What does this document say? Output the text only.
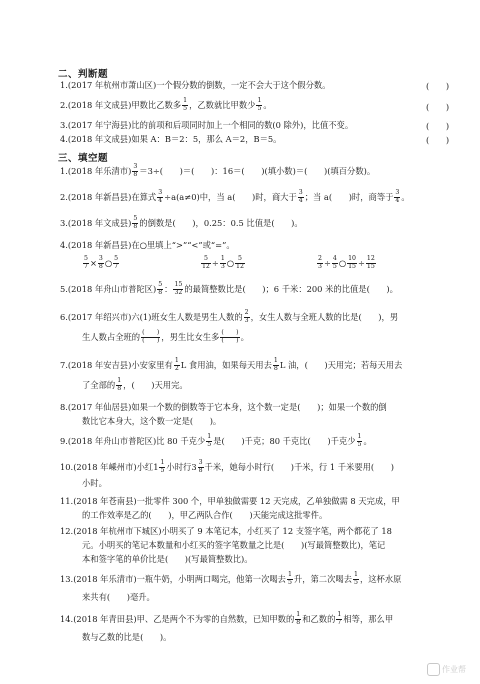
二、判断题
1.(2017 年杭州市萧山区)一个假分数的倒数，一定不会大于这个假分数。	(　　)
2.(2018 年文成县)甲数比乙数多 $\frac{1}{5}$ ，乙数就比甲数少 $\frac{1}{5}$ 。	(　　)
3.(2017 年宁海县)比的前项和后项同时加上一个相同的数(0 除外)，比值不变。	(　　)
4.(2018 年文成县)如果 A：B＝2：5，那么 A＝2，B＝5。	(　　)
三、填空题
1.(2018 年乐清市) $\frac{3}{8} =3\div$(　　)＝(　　)：16＝(　　)(填小数)＝(　　)(填百分数)。
2.(2018 年新昌县)在算式 $\frac{3}{4} \div a(a\ne 0)$中，当 a(　　)时，商大于 $\frac{3}{4}$ ；当 a(　　)时，商等于 $\frac{3}{4}$ 。
3.(2018 年文成县) $\frac{5}{8}$ 的倒数是(　　)，0.25：0.5 比值是(　　)。
4.(2018 年新昌县)在○里填上“>”“<”或“=”。
$\frac{5}{7} \times \frac{3}{8}$ ○ $\frac{5}{7}$	$\frac{5}{12} \div \frac{1}{3}$ ○ $\frac{5}{12}$	$\frac{2}{3} \div \frac{4}{5}$ ○ $\frac{10}{15} \div \frac{12}{15}$
5.(2018 年舟山市普陀区) $\frac{5}{8}$ ： $\frac{15}{32}$ 的最简整数比是(　　)；6 千米：200 米的比值是(　　)。
6.(2017 年绍兴市)六(1)班女生人数是男生人数的 $\frac{2}{3}$ ，女生人数与全班人数的比是(　　)，男
生人数占全班的 $\frac{( )}{( )}$ ，男生比女生多 $\frac{( )}{( )}$ 。
7.(2018 年安吉县)小安家里有 $\frac{1}{2}$ L 食用油，如果每天用去 $\frac{1}{8}$ L 油，(　　)天用完；若每天用去
了全部的 $\frac{1}{8}$ ，(　　)天用完。
8.(2017 年仙居县)如果一个数的倒数等于它本身，这个数一定是(　　)；如果一个数的倒
数比它本身大，这个数一定是(　　)。
9.(2018 年舟山市普陀区)比 80 千克少 $\frac{1}{5}$ 是(　　)千克；80 千克比(　　)千克少 $\frac{1}{5}$ 。
10.(2018 年嵊州市)小红$1 \frac{1}{5}$ 小时行$3 \frac{3}{8}$ 千米，她每小时行(　　)千米，行 1 千米要用(　　)
小时。
11.(2018 年苍南县)一批零件 300 个，甲单独做需要 12 天完成，乙单独做需 8 天完成，甲
的工作效率是乙的(　　)，甲乙两队合作(　　)天能完成这批零件。
12.(2018 年杭州市下城区)小明买了 9 本笔记本，小红买了 12 支签字笔，两个都花了 18
元。小明买的笔记本数量和小红买的签字笔数量之比是(　　)(写最简整数比)，笔记
本和签字笔的单价比是(　　)(写最简整数比)。
13.(2018 年乐清市)一瓶牛奶，小明两口喝完，他第一次喝去 $\frac{1}{5}$ 升，第二次喝去 $\frac{1}{5}$ ，这杯水原
来共有(　　)毫升。
14.(2018 年青田县)甲、乙是两个不为零的自然数，已知甲数的 $\frac{1}{8}$ 和乙数的 $\frac{1}{7}$ 相等，那么甲
数与乙数的比是(　　)。
作业帮
